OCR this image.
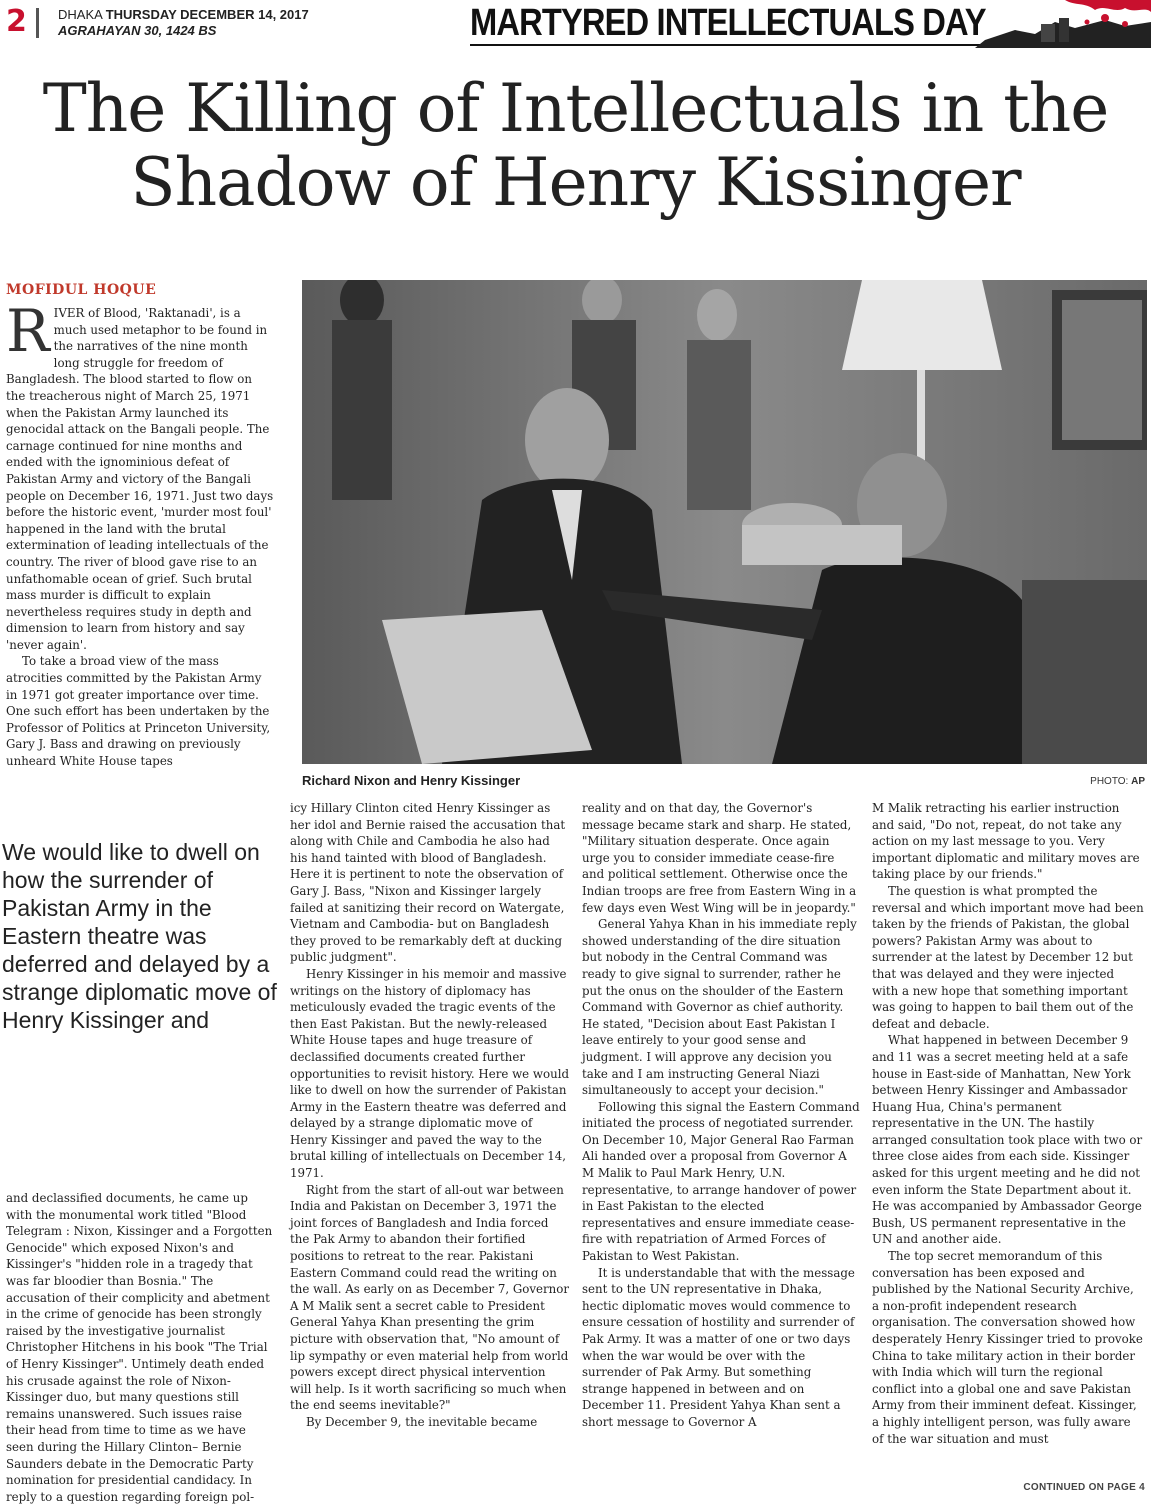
2 DHAKA THURSDAY DECEMBER 14, 2017
AGRAHAYAN 30, 1424 BS	MARTYRED INTELLECTUALS DAY
The Killing of Intellectuals in the
Shadow of Henry Kissinger
MOFIDUL HOQUE

RIVER of Blood, 'Raktanadi', is a much used metaphor to be found in the narratives of the nine month long struggle for freedom of Bangladesh. The blood started to flow on the treacherous night of March 25, 1971 when the Pakistan Army launched its genocidal attack on the Bangali people. The carnage continued for nine months and ended with the ignominious defeat of Pakistan Army and victory of the Bangali people on December 16, 1971. Just two days before the historic event, 'murder most foul' happened in the land with the brutal extermination of leading intellectuals of the country. The river of blood gave rise to an unfathomable ocean of grief. Such brutal mass murder is difficult to explain nevertheless requires study in depth and dimension to learn from history and say 'never again'.

To take a broad view of the mass atrocities committed by the Pakistan Army in 1971 got greater importance over time. One such effort has been undertaken by the Professor of Politics at Princeton University, Gary J. Bass and drawing on previously unheard White House tapes

We would like to dwell on how the surrender of Pakistan Army in the Eastern theatre was deferred and delayed by a strange diplomatic move of Henry Kissinger and

and declassified documents, he came up with the monumental work titled "Blood Telegram : Nixon, Kissinger and a Forgotten Genocide" which exposed Nixon's and Kissinger's "hidden role in a tragedy that was far bloodier than Bosnia." The accusation of their complicity and abetment in the crime of genocide has been strongly raised by the investigative journalist Christopher Hitchens in his book "The Trial of Henry Kissinger". Untimely death ended his crusade against the role of Nixon-Kissinger duo, but many questions still remains unanswered. Such issues raise their head from time to time as we have seen during the Hillary Clinton– Bernie Saunders debate in the Democratic Party nomination for presidential candidacy. In reply to a question regarding foreign pol-

Richard Nixon and Henry Kissinger	PHOTO: AP

icy Hillary Clinton cited Henry Kissinger as her idol and Bernie raised the accusation that along with Chile and Cambodia he also had his hand tainted with blood of Bangladesh. Here it is pertinent to note the observation of Gary J. Bass, "Nixon and Kissinger largely failed at sanitizing their record on Watergate, Vietnam and Cambodia- but on Bangladesh they proved to be remarkably deft at ducking public judgment".

Henry Kissinger in his memoir and massive writings on the history of diplomacy has meticulously evaded the tragic events of the then East Pakistan. But the newly-released White House tapes and huge treasure of declassified documents created further opportunities to revisit history. Here we would like to dwell on how the surrender of Pakistan Army in the Eastern theatre was deferred and delayed by a strange diplomatic move of Henry Kissinger and paved the way to the brutal killing of intellectuals on December 14, 1971.

Right from the start of all-out war between India and Pakistan on December 3, 1971 the joint forces of Bangladesh and India forced the Pak Army to abandon their fortified positions to retreat to the rear. Pakistani Eastern Command could read the writing on the wall. As early on as December 7, Governor A M Malik sent a secret cable to President General Yahya Khan presenting the grim picture with observation that, "No amount of lip sympathy or even material help from world powers except direct physical intervention will help. Is it worth sacrificing so much when the end seems inevitable?"

By December 9, the inevitable became

reality and on that day, the Governor's message became stark and sharp. He stated, "Military situation desperate. Once again urge you to consider immediate cease-fire and political settlement. Otherwise once the Indian troops are free from Eastern Wing in a few days even West Wing will be in jeopardy."

General Yahya Khan in his immediate reply showed understanding of the dire situation but nobody in the Central Command was ready to give signal to surrender, rather he put the onus on the shoulder of the Eastern Command with Governor as chief authority. He stated, "Decision about East Pakistan I leave entirely to your good sense and judgment. I will approve any decision you take and I am instructing General Niazi simultaneously to accept your decision."

Following this signal the Eastern Command initiated the process of negotiated surrender. On December 10, Major General Rao Farman Ali handed over a proposal from Governor A M Malik to Paul Mark Henry, U.N. representative, to arrange handover of power in East Pakistan to the elected representatives and ensure immediate cease-fire with repatriation of Armed Forces of Pakistan to West Pakistan.

It is understandable that with the message sent to the UN representative in Dhaka, hectic diplomatic moves would commence to ensure cessation of hostility and surrender of Pak Army. It was a matter of one or two days when the war would be over with the surrender of Pak Army. But something strange happened in between and on December 11. President Yahya Khan sent a short message to Governor A

M Malik retracting his earlier instruction and said, "Do not, repeat, do not take any action on my last message to you. Very important diplomatic and military moves are taking place by our friends."

The question is what prompted the reversal and which important move had been taken by the friends of Pakistan, the global powers? Pakistan Army was about to surrender at the latest by December 12 but that was delayed and they were injected with a new hope that something important was going to happen to bail them out of the defeat and debacle.

What happened in between December 9 and 11 was a secret meeting held at a safe house in East-side of Manhattan, New York between Henry Kissinger and Ambassador Huang Hua, China's permanent representative in the UN. The hastily arranged consultation took place with two or three close aides from each side. Kissinger asked for this urgent meeting and he did not even inform the State Department about it. He was accompanied by Ambassador George Bush, US permanent representative in the UN and another aide.

The top secret memorandum of this conversation has been exposed and published by the National Security Archive, a non-profit independent research organisation. The conversation showed how desperately Henry Kissinger tried to provoke China to take military action in their border with India which will turn the regional conflict into a global one and save Pakistan Army from their imminent defeat. Kissinger, a highly intelligent person, was fully aware of the war situation and must

CONTINUED ON PAGE 4
